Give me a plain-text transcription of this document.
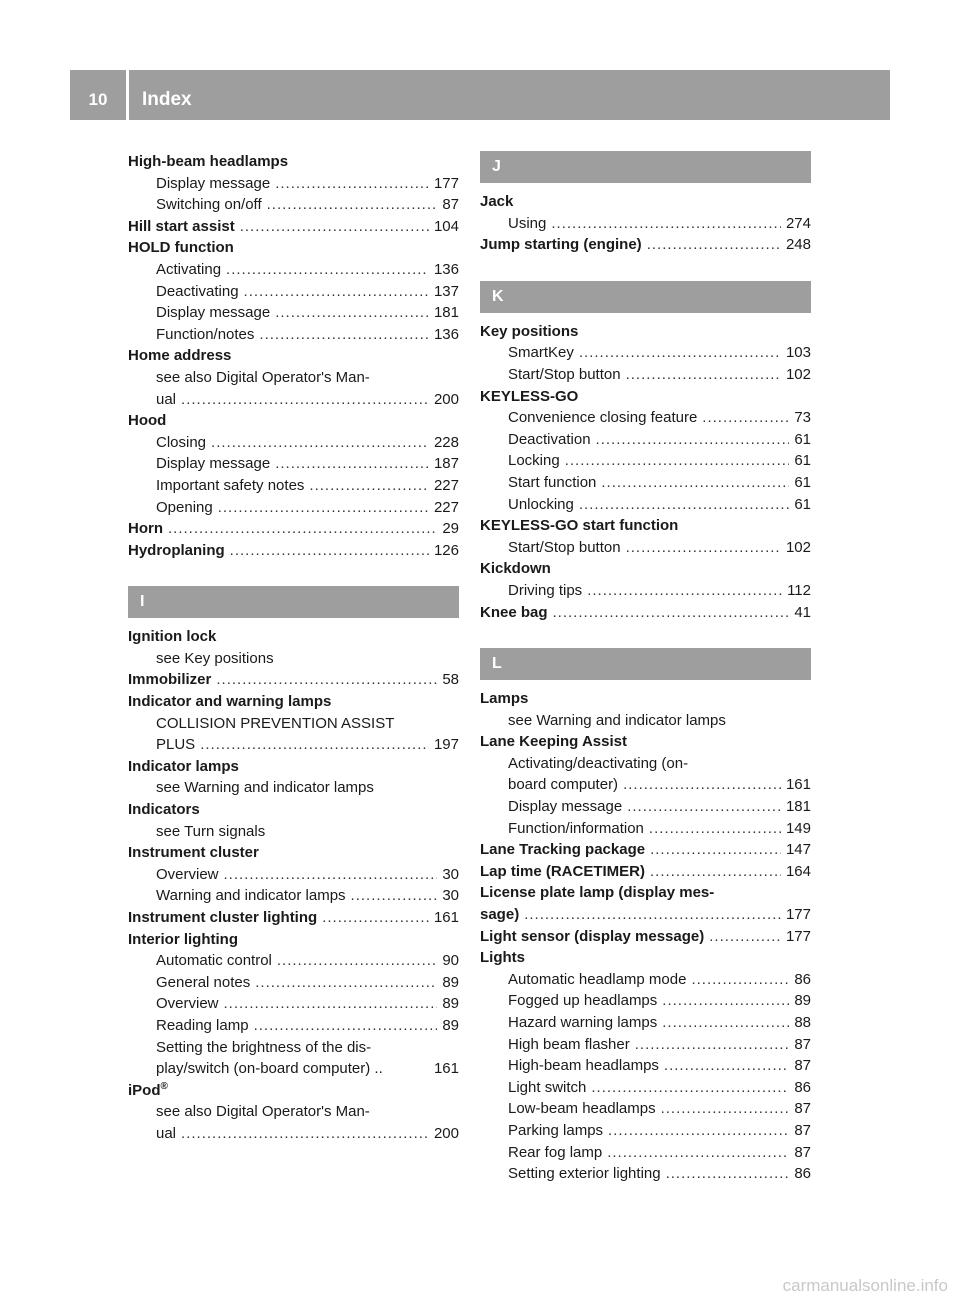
10	Index
High-beam headlamps
Display message .....	177
Switching on/off .....	87
Hill start assist .....	104
HOLD function
Activating .....	136
Deactivating .....	137
Display message .....	181
Function/notes .....	136
Home address
see also Digital Operator's Man-
ual .....	200
Hood
Closing .....	228
Display message .....	187
Important safety notes .....	227
Opening .....	227
Horn .....	29
Hydroplaning .....	126
I
Ignition lock
see Key positions
Immobilizer .....	58
Indicator and warning lamps
COLLISION PREVENTION ASSIST
PLUS .....	197
Indicator lamps
see Warning and indicator lamps
Indicators
see Turn signals
Instrument cluster
Overview .....	30
Warning and indicator lamps .....	30
Instrument cluster lighting .....	161
Interior lighting
Automatic control .....	90
General notes .....	89
Overview .....	89
Reading lamp .....	89
Setting the brightness of the dis-
play/switch (on-board computer) ..	161
iPod®
see also Digital Operator's Man-
ual .....	200
J
Jack
Using .....	274
Jump starting (engine) .....	248
K
Key positions
SmartKey .....	103
Start/Stop button .....	102
KEYLESS-GO
Convenience closing feature .....	73
Deactivation .....	61
Locking .....	61
Start function .....	61
Unlocking .....	61
KEYLESS-GO start function
Start/Stop button .....	102
Kickdown
Driving tips .....	112
Knee bag .....	41
L
Lamps
see Warning and indicator lamps
Lane Keeping Assist
Activating/deactivating (on-
board computer) .....	161
Display message .....	181
Function/information .....	149
Lane Tracking package .....	147
Lap time (RACETIMER) .....	164
License plate lamp (display mes-
sage) .....	177
Light sensor (display message) .....	177
Lights
Automatic headlamp mode .....	86
Fogged up headlamps .....	89
Hazard warning lamps .....	88
High beam flasher .....	87
High-beam headlamps .....	87
Light switch .....	86
Low-beam headlamps .....	87
Parking lamps .....	87
Rear fog lamp .....	87
Setting exterior lighting .....	86
carmanualsonline.info
